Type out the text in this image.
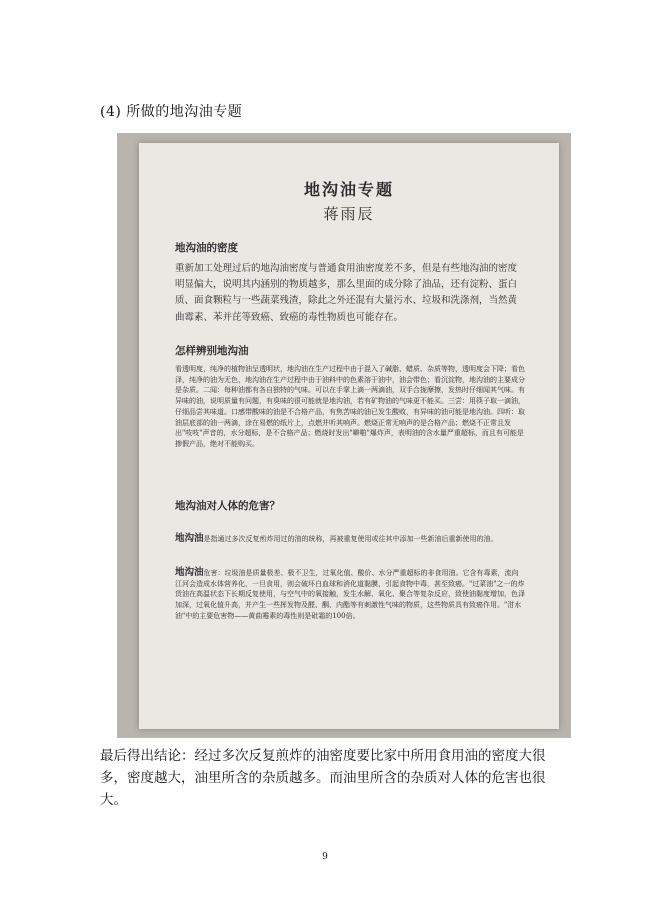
(4) 所做的地沟油专题
地沟油专题
蒋雨辰
地沟油的密度

重新加工处理过后的地沟油密度与普通食用油密度差不多，但是有些地沟油的密度明显偏大，说明其内涵别的物质越多，那么里面的成分除了油品，还有淀粉、蛋白质、面食颗粒与一些蔬菜残渣，除此之外还混有大量污水、垃圾和洗涤剂，当然黄曲霉素、苯并芘等致癌、致癌的毒性物质也可能存在。

怎样辨别地沟油

看透明度，纯净的植物油呈透明状，地沟油在生产过程中由于混入了碱脂、蜡质、杂质等物，透明度会下降；看色泽，纯净的油为无色，地沟油在生产过程中由于油料中的色素溶于油中，油会带色；看沉淀物，地沟油的主要成分是杂质。二闻：每种油都有各自独特的气味。可以在手掌上滴一两滴油，双手合拢摩擦，发热时仔细闻其气味。有异味的油，说明质量有问题，有臭味的很可能就是地沟油，若有矿物油的气味更不能买。三尝：用筷子取一滴油，仔细品尝其味道。口感带酸味的油是不合格产品，有焦苦味的油已发生酸败，有异味的油可能是地沟油。四听：取油层底部的油一两滴，涂在易燃的纸片上，点燃并听其响声。燃烧正常无响声的是合格产品；燃烧不正常且发出"吱吱"声音的，水分超标，是不合格产品；燃烧时发出"噼啪"爆炸声，表明油的含水量严重超标，而且有可能是掺假产品，绝对不能购买。

地沟油对人体的危害？

地沟油是指通过多次反复煎炸用过的油的统称，再被重复使用或往其中添加一些新油后重新使用的油。

地沟油危害：垃圾油是质量极差、极不卫生，过氧化值、酸价、水分严重超标的非食用油。它含有毒素，流向江河会造成水体营养化，一旦食用，则会破坏白血球和消化道黏膜，引起食物中毒，甚至致癌。"过菜油"之一的炸货油在高温状态下长期反复使用，与空气中的氧接触，发生水解、氧化、聚合等复杂反应，致使油黏度增加，色泽加深，过氧化值升高，并产生一些挥发物及醛、酮、内酯等有刺激性气味的物质，这些物质具有致癌作用。"泔水油"中的主要危害物——黄曲霉素的毒性则是砒霜的100倍。

最后得出结论：经过多次反复煎炸的油密度要比家中所用食用油的密度大很多，密度越大，油里所含的杂质越多。而油里所含的杂质对人体的危害也很大。

9
